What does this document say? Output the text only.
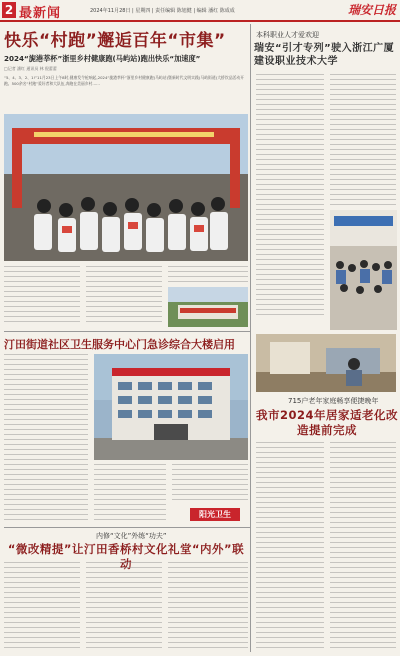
2 最新闻	2024年11月28日 | 星期四 | 责任编辑 陈旭健 | 编辑 潘红 陈成成	瑞安日报
快乐“村跑”邂逅百年“市集”
2024“旎港莘杯”浙里乡村健康跑(马屿站)跑出快乐“加速度”
□记者 潘红 通讯员 林 倪蕾蕾
“5、4、3、2、1!”11月23日上午8时,健康发令枪响起,2024“旎港莘杯”浙里乡村健康跑(马屿站)暨新时代文明实践(马屿街道)大桥饮品活动开跑。500余名“村跑”爱好者和大队伍,奔跑在美丽乡村……
本科职业人才爱欢迎
瑞安“引才专列”驶入浙江广厦建设职业技术大学
汀田街道社区卫生服务中心门急诊综合大楼启用
阳光卫生
715户老年家庭畅享便捷晚年
我市2024年居家适老化改造提前完成
内修“文化”外练“功夫”
“微改精提”让汀田香桥村文化礼堂“内外”联动
